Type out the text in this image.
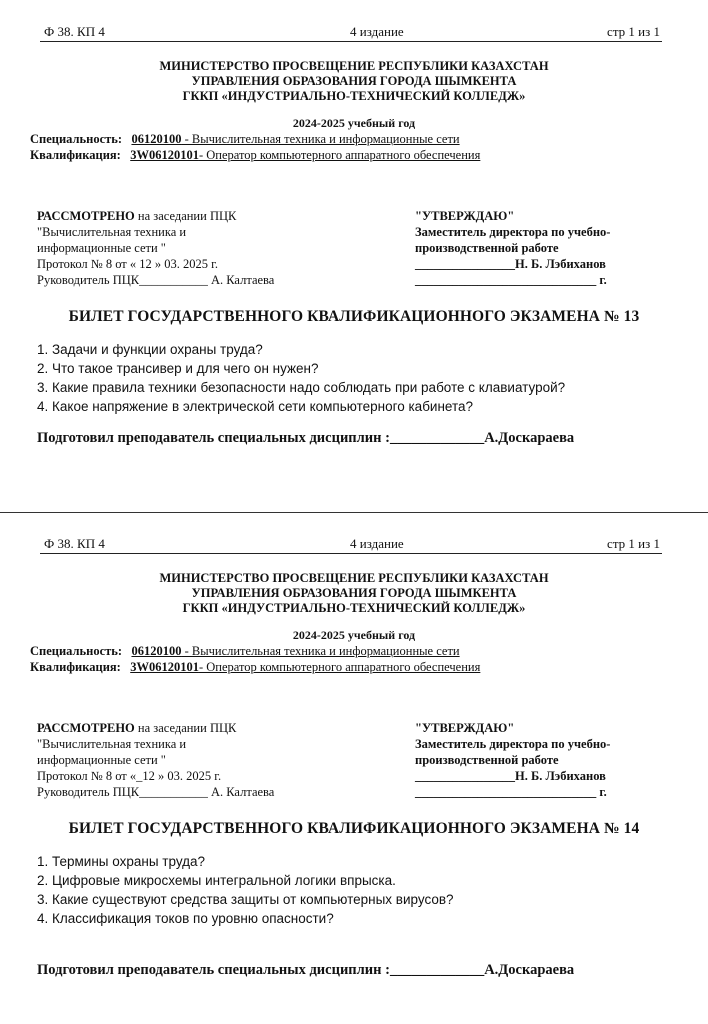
Ф 38. КП 4	4 издание	стр 1 из 1
МИНИСТЕРСТВО ПРОСВЕЩЕНИЕ РЕСПУБЛИКИ КАЗАХСТАН
УПРАВЛЕНИЯ ОБРАЗОВАНИЯ ГОРОДА ШЫМКЕНТА
ГККП «ИНДУСТРИАЛЬНО-ТЕХНИЧЕСКИЙ КОЛЛЕДЖ»
2024-2025 учебный год
Специальность: 06120100 - Вычислительная техника и информационные сети
Квалификация: 3W06120101- Оператор компьютерного аппаратного обеспечения
РАССМОТРЕНО на заседании ПЦК
"Вычислительная техника и
информационные сети "
Протокол № 8 от « 12 » 03. 2025 г.
Руководитель ПЦК___________ А. Калтаева
"УТВЕРЖДАЮ"
Заместитель директора по учебно-
производственной работе
________________Н. Б. Лэбиханов
_____________________________ г.
БИЛЕТ ГОСУДАРСТВЕННОГО КВАЛИФИКАЦИОННОГО ЭКЗАМЕНА № 13
1. Задачи и функции охраны труда?
2. Что такое трансивер и для чего он нужен?
3. Какие правила техники безопасности надо соблюдать при работе с клавиатурой?
4. Какое напряжение в электрической сети компьютерного кабинета?
Подготовил преподаватель специальных дисциплин :_____________А.Доскараева
Ф 38. КП 4	4 издание	стр 1 из 1
МИНИСТЕРСТВО ПРОСВЕЩЕНИЕ РЕСПУБЛИКИ КАЗАХСТАН
УПРАВЛЕНИЯ ОБРАЗОВАНИЯ ГОРОДА ШЫМКЕНТА
ГККП «ИНДУСТРИАЛЬНО-ТЕХНИЧЕСКИЙ КОЛЛЕДЖ»
2024-2025 учебный год
Специальность: 06120100 - Вычислительная техника и информационные сети
Квалификация: 3W06120101- Оператор компьютерного аппаратного обеспечения
РАССМОТРЕНО на заседании ПЦК
"Вычислительная техника и
информационные сети "
Протокол № 8 от «_12 » 03. 2025 г.
Руководитель ПЦК___________ А. Калтаева
"УТВЕРЖДАЮ"
Заместитель директора по учебно-
производственной работе
________________Н. Б. Лэбиханов
_____________________________ г.
БИЛЕТ ГОСУДАРСТВЕННОГО КВАЛИФИКАЦИОННОГО ЭКЗАМЕНА № 14
1. Термины охраны труда?
2. Цифровые микросхемы интегральной логики впрыска.
3. Какие существуют средства защиты от компьютерных вирусов?
4. Классификация токов по уровню опасности?
Подготовил преподаватель специальных дисциплин :_____________А.Доскараева
